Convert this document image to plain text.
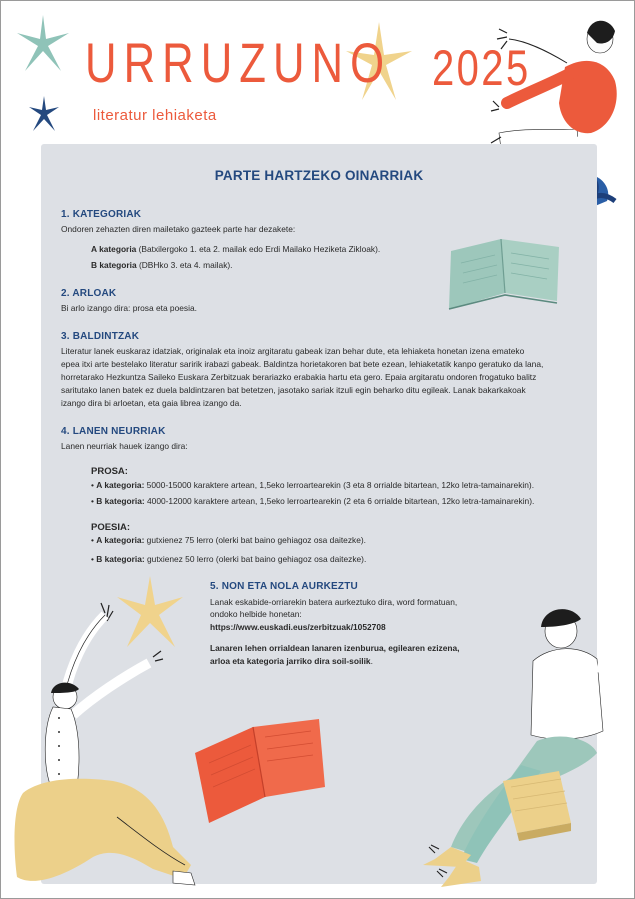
URRUZUNO 2025
literatur lehiaketa
PARTE HARTZEKO OINARRIAK
1. KATEGORIAK
Ondoren zehazten diren mailetako gazteek parte har dezakete:
A kategoria (Batxilergoko 1. eta 2. mailak edo Erdi Mailako Heziketa Zikloak).
B kategoria (DBHko 3. eta 4. mailak).
2. ARLOAK
Bi arlo izango dira: prosa eta poesia.
3. BALDINTZAK
Literatur lanek euskaraz idatziak, originalak eta inoiz argitaratu gabeak izan behar dute, eta lehiaketa honetan izena emateko
epea itxi arte bestelako literatur saririk irabazi gabeak. Baldintza horietakoren bat bete ezean, lehiaketatik kanpo geratuko da lana,
horretarako Hezkuntza Saileko Euskara Zerbitzuak berariazko erabakia hartu eta gero. Epaia argitaratu ondoren frogatuko balitz
saritutako lanen batek ez duela baldintzaren bat betetzen, jasotako sariak itzuli egin beharko ditu egileak. Lanak bakarkakoak
izango dira bi arloetan, eta gaia librea izango da.
4. LANEN NEURRIAK
Lanen neurriak hauek izango dira:
PROSA:
• A kategoria: 5000-15000 karaktere artean, 1,5eko lerroartearekin (3 eta 8 orrialde bitartean, 12ko letra-tamainarekin).
• B kategoria: 4000-12000 karaktere artean, 1,5eko lerroartearekin (2 eta 6 orrialde bitartean, 12ko letra-tamainarekin).
POESIA:
• A kategoria: gutxienez 75 lerro (olerki bat baino gehiagoz osa daitezke).
• B kategoria: gutxienez 50 lerro (olerki bat baino gehiagoz osa daitezke).
5. NON ETA NOLA AURKEZTU
Lanak eskabide-orriarekin batera aurkeztuko dira, word formatuan,
ondoko helbide honetan:
https://www.euskadi.eus/zerbitzuak/1052708
Lanaren lehen orrialdean lanaren izenburua, egilearen ezizena,
arloa eta kategoria jarriko dira soil-soilik.
